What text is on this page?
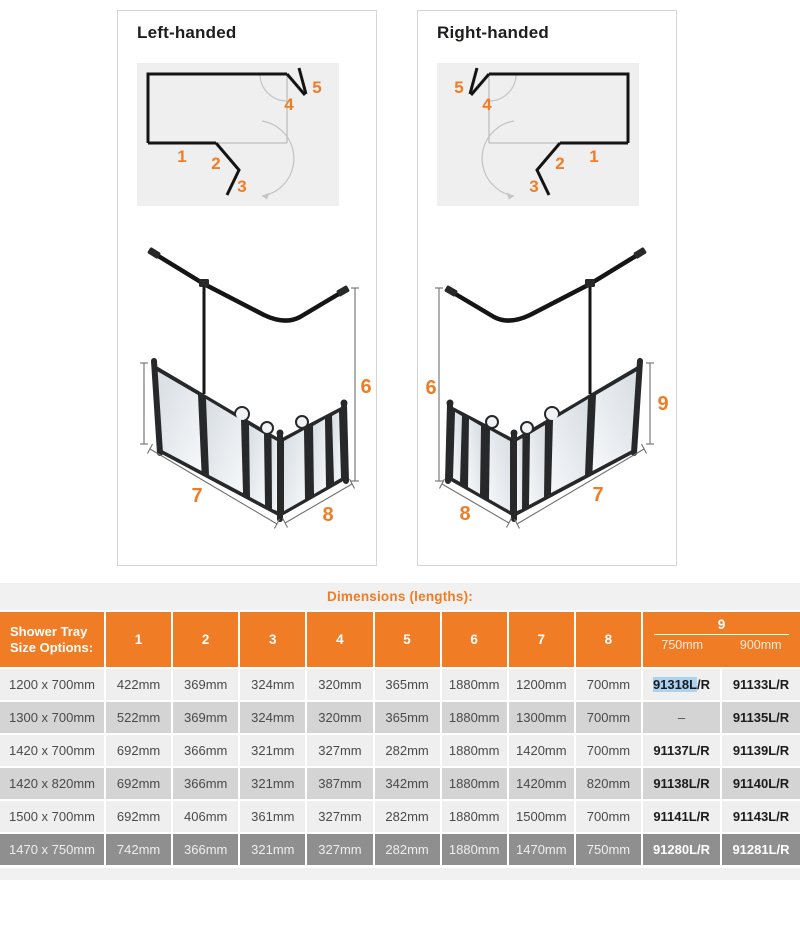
Left-handed
1 2
3
4
5
6
7
8
Right-handed
1
2
3
4
5
6
9
8
7
Dimensions (lengths):
Shower Tray Size Options:	1	2	3	4	5	6	7	8
9
750mm	900mm
1200 x 700mm	422mm	369mm	324mm	320mm	365mm	1880mm	1200mm	700mm	91318L /R	91133L/R
1300 x 700mm	522mm	369mm	324mm	320mm	365mm	1880mm	1300mm	700mm	–	91135L/R
1420 x 700mm	692mm	366mm	321mm	327mm	282mm	1880mm	1420mm	700mm	91137L/R	91139L/R
1420 x 820mm	692mm	366mm	321mm	387mm	342mm	1880mm	1420mm	820mm	91138L/R	91140L/R
1500 x 700mm	692mm	406mm	361mm	327mm	282mm	1880mm	1500mm	700mm	91141L/R	91143L/R
1470 x 750mm	742mm	366mm	321mm	327mm	282mm	1880mm	1470mm	750mm	91280L/R	91281L/R
